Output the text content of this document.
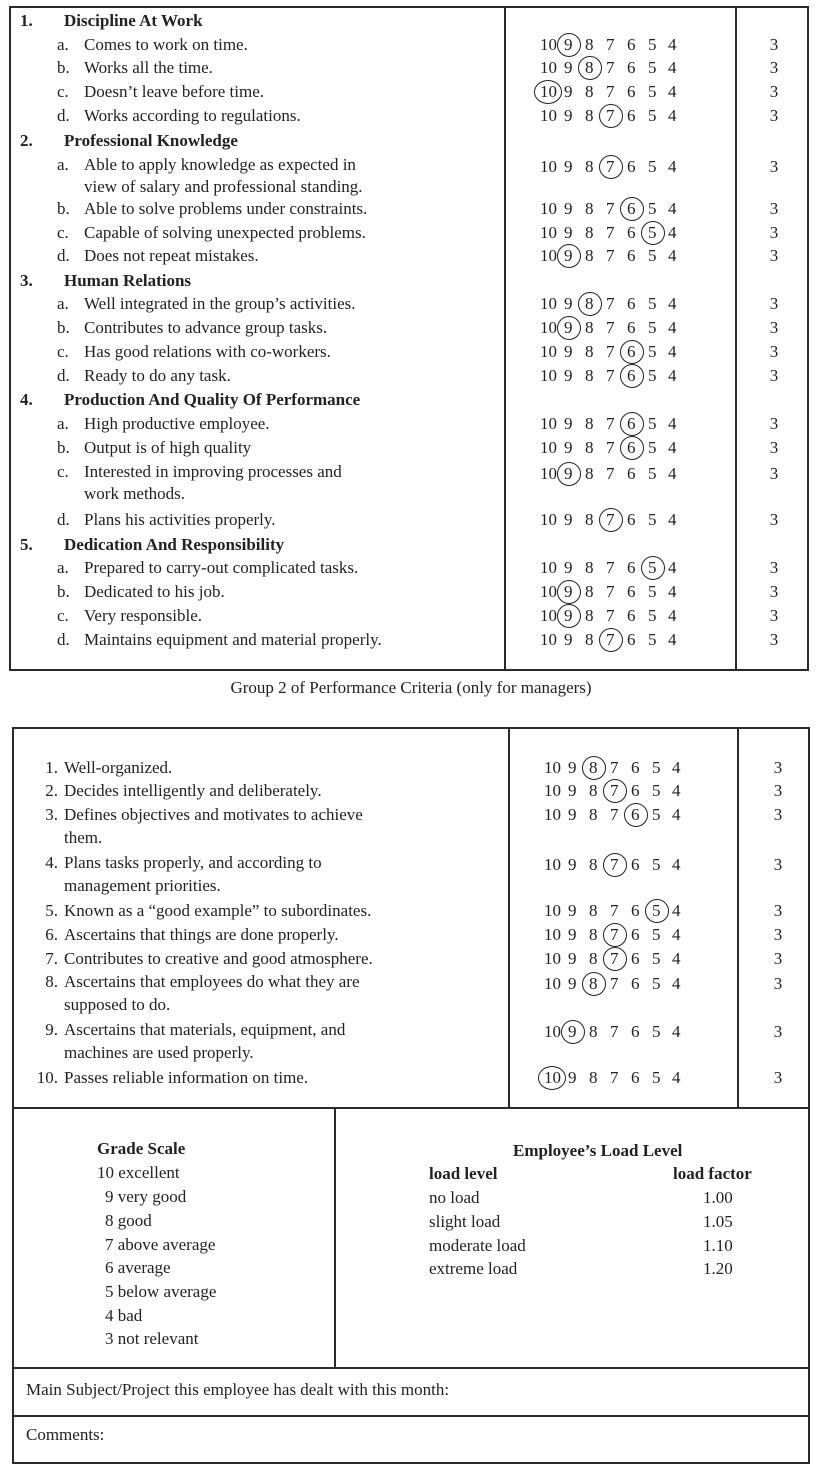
1. Discipline At Work
a. Comes to work on time.	10 9 8 7 6 5 4	3
b. Works all the time.	10 9 8 7 6 5 4	3
c. Doesn’t leave before time.	10 9 8 7 6 5 4	3
d. Works according to regulations.	10 9 8 7 6 5 4	3
2. Professional Knowledge
a. Able to apply knowledge as expected in
view of salary and professional standing.
10 9 8 7 6 5 4	3
b. Able to solve problems under constraints.	10 9 8 7 6 5 4	3
c. Capable of solving unexpected problems.	10 9 8 7 6 5 4	3
d. Does not repeat mistakes.	10 9 8 7 6 5 4	3
3. Human Relations
a. Well integrated in the group’s activities.	10 9 8 7 6 5 4	3
b. Contributes to advance group tasks.	10 9 8 7 6 5 4	3
c. Has good relations with co-workers.	10 9 8 7 6 5 4	3
d. Ready to do any task.	10 9 8 7 6 5 4	3
4. Production And Quality Of Performance
a. High productive employee.	10 9 8 7 6 5 4	3
b. Output is of high quality	10 9 8 7 6 5 4	3
c. Interested in improving processes and
work methods.
10 9 8 7 6 5 4	3
d. Plans his activities properly.	10 9 8 7 6 5 4	3
5. Dedication And Responsibility
a. Prepared to carry-out complicated tasks.	10 9 8 7 6 5 4	3
b. Dedicated to his job.	10 9 8 7 6 5 4	3
c. Very responsible.	10 9 8 7 6 5 4	3
d. Maintains equipment and material properly.	10 9 8 7 6 5 4	3
Group 2 of Performance Criteria (only for managers)
1. Well-organized.	10 9 8 7 6 5 4	3
2. Decides intelligently and deliberately.	10 9 8 7 6 5 4	3
3. Defines objectives and motivates to achieve
them.
10 9 8 7 6 5 4	3
4. Plans tasks properly, and according to
management priorities.
10 9 8 7 6 5 4	3
5. Known as a “good example” to subordinates.	10 9 8 7 6 5 4	3
6. Ascertains that things are done properly.	10 9 8 7 6 5 4	3
7. Contributes to creative and good atmosphere.	10 9 8 7 6 5 4	3
8. Ascertains that employees do what they are
supposed to do.
10 9 8 7 6 5 4	3
9. Ascertains that materials, equipment, and
machines are used properly.
10 9 8 7 6 5 4	3
10. Passes reliable information on time.	10 9 8 7 6 5 4	3
Grade Scale
10 excellent
9 very good
8 good
7 above average
6 average
5 below average
4 bad
3 not relevant
Employee’s Load Level
load level	load factor
no load	1.00
slight load	1.05
moderate load	1.10
extreme load	1.20
Main Subject/Project this employee has dealt with this month:
Comments:
